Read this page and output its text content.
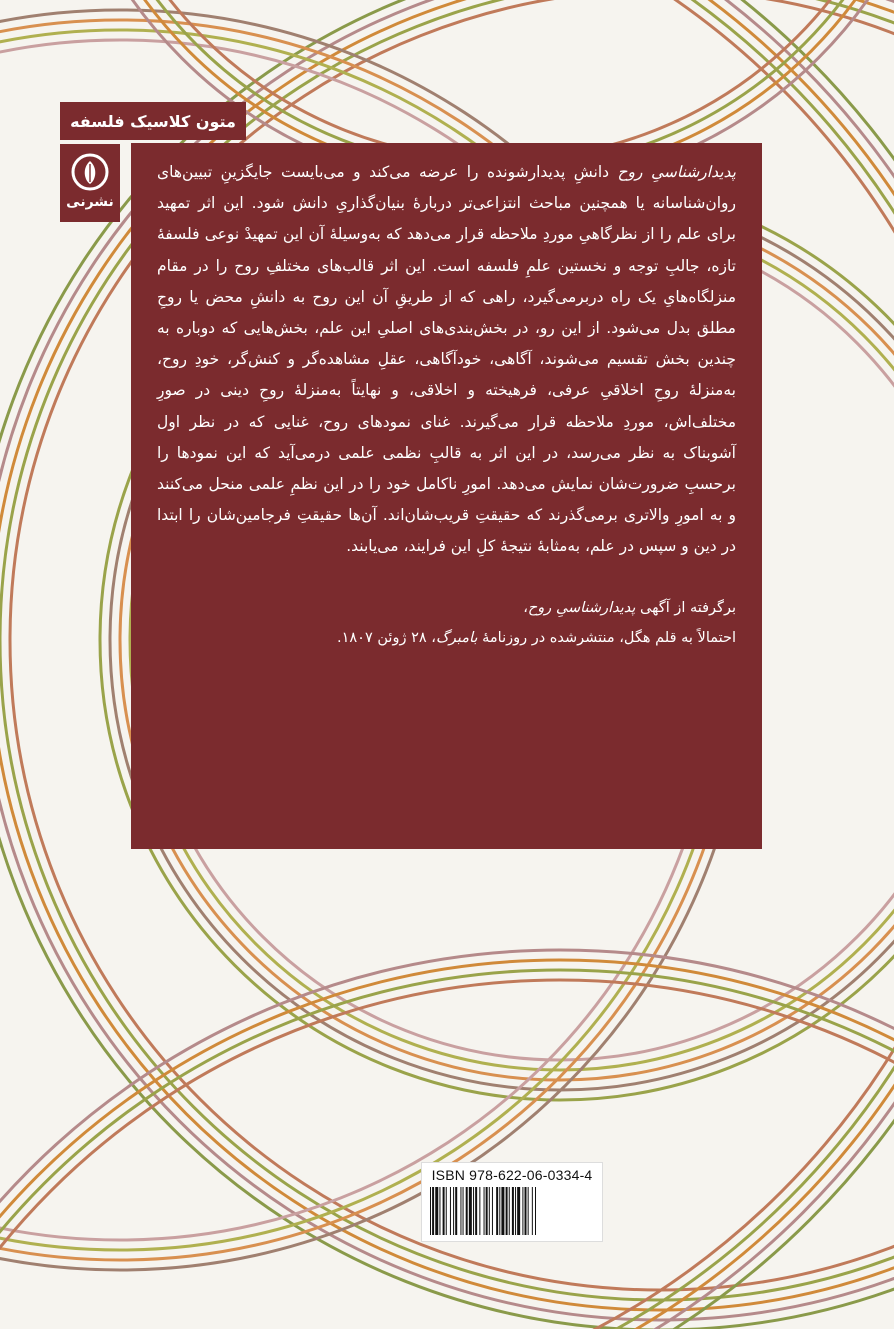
متون کلاسیک فلسفه
نشرنی

پدیدارشناسیِ روح دانشِ پدیدارشونده را عرضه می‌کند و می‌بایست جایگزینِ تبیین‌های روان‌شناسانه یا همچنین مباحث انتزاعی‌تر دربارهٔ بنیان‌گذاریِ دانش شود. این اثر تمهید برای علم را از نظرگاهیِ موردِ ملاحظه قرار می‌دهد که به‌وسیلهٔ آن این تمهیدْ نوعی فلسفهٔ تازه، جالبِ توجه و نخستین علمِ فلسفه است. این اثر قالب‌های مختلفِ روح را در مقام منزلگاه‌هایِ یک راه دربرمی‌گیرد، راهی که از طریقِ آن این روح به دانشِ محض یا روحِ مطلق بدل می‌شود. از این رو، در بخش‌بندی‌های اصلیِ این علم، بخش‌هایی که دوباره به چندین بخش تقسیم می‌شوند، آگاهی، خودآگاهی، عقلِ مشاهده‌گر و کنش‌گر، خودِ روح، به‌منزلهٔ روحِ اخلاقیِ عرفی، فرهیخته و اخلاقی، و نهایتاً به‌منزلهٔ روحِ دینی در صورِ مختلف‌اش، موردِ ملاحظه قرار می‌گیرند. غنای نمودهای روح، غنایی که در نظر اول آشوبناک به نظر می‌رسد، در این اثر به قالبِ نظمی علمی درمی‌آید که این نمودها را برحسبِ ضرورت‌شان نمایش می‌دهد. امورِ ناکامل خود را در این نظمِ علمی منحل می‌کنند و به امورِ والاتری برمی‌گذرند که حقیقتِ قریب‌شان‌اند. آن‌ها حقیقتِ فرجامین‌شان را ابتدا در دین و سپس در علم، به‌مثابهٔ نتیجهٔ کلِ این فرایند، می‌یابند.

برگرفته از آگهی پدیدارشناسیِ روح،
احتمالاً به قلم هگل، منتشرشده در روزنامهٔ بامبرگ، ۲۸ ژوئن ۱۸۰۷.
ISBN 978-622-06-0334-4
